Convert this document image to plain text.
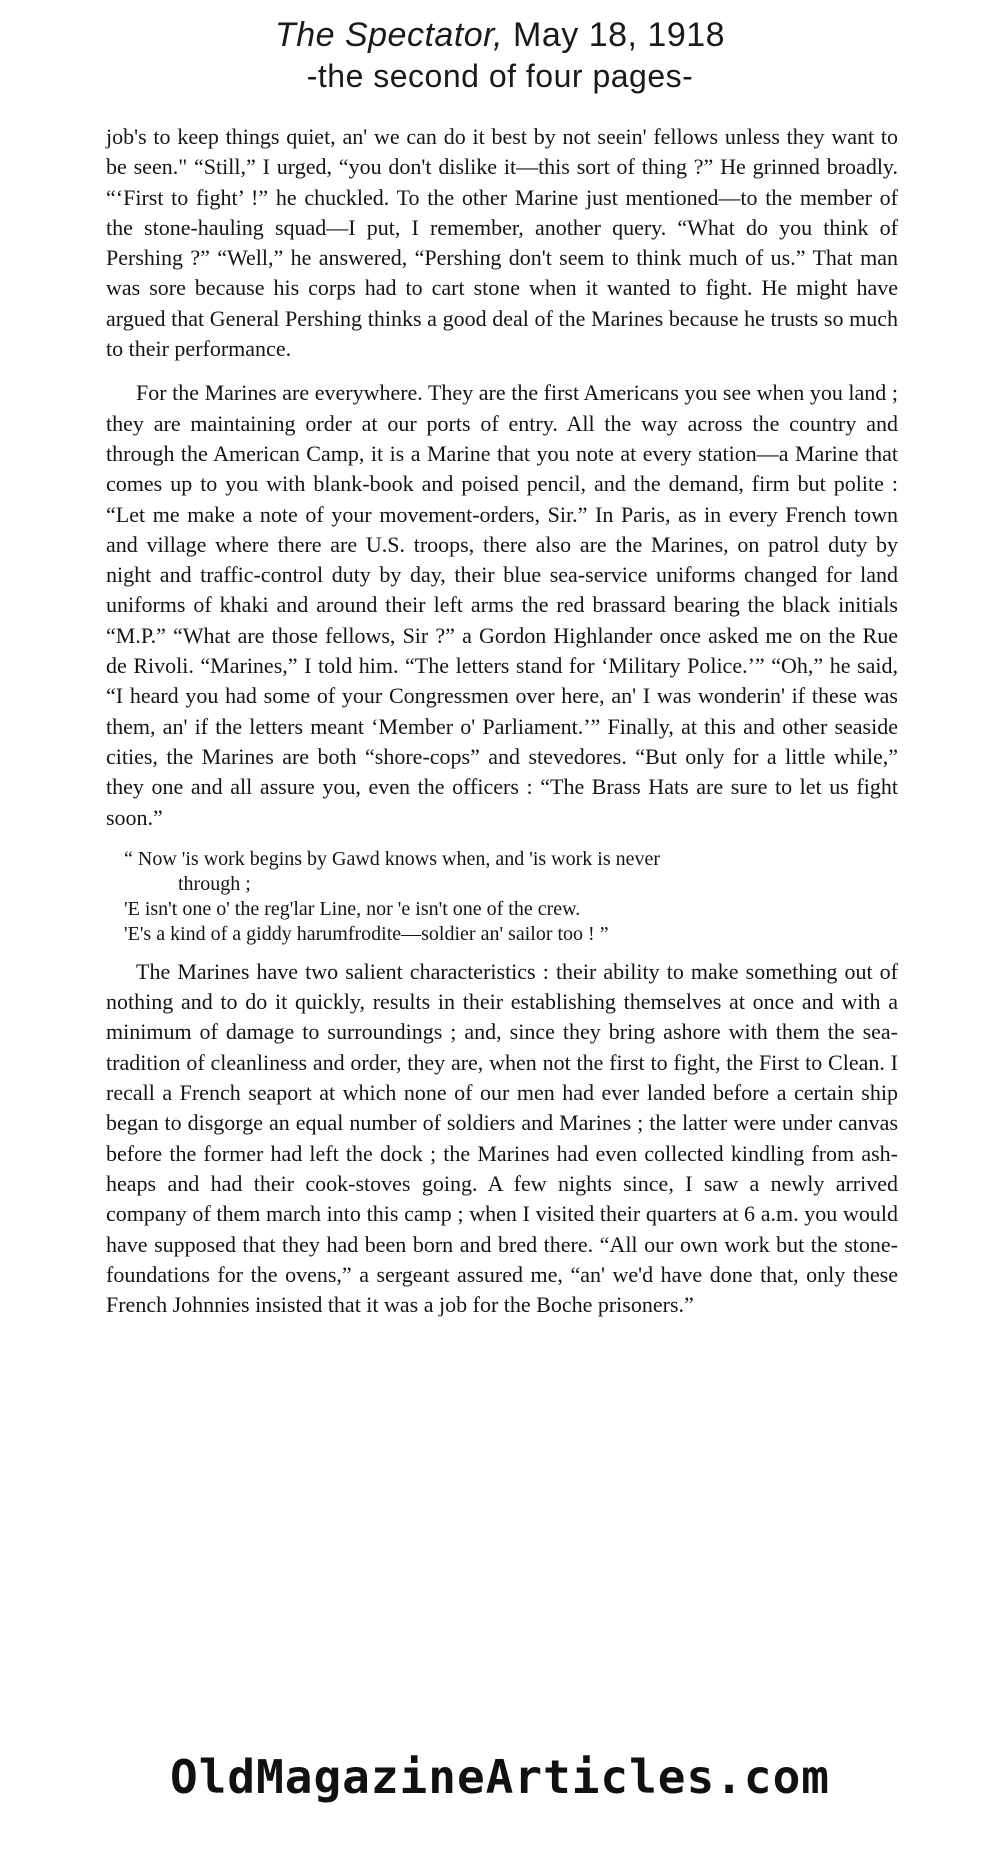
The Spectator, May 18, 1918
-the second of four pages-

job's to keep things quiet, an' we can do it best by not seein' fellows unless they want to be seen." “Still,” I urged, “you don't dislike it—this sort of thing ?” He grinned broadly. “‘First to fight’ !” he chuckled. To the other Marine just mentioned—to the member of the stone-hauling squad—I put, I remember, another query. “What do you think of Pershing ?” “Well,” he answered, “Pershing don't seem to think much of us.” That man was sore because his corps had to cart stone when it wanted to fight. He might have argued that General Pershing thinks a good deal of the Marines because he trusts so much to their performance.

For the Marines are everywhere. They are the first Americans you see when you land ; they are maintaining order at our ports of entry. All the way across the country and through the American Camp, it is a Marine that you note at every station—a Marine that comes up to you with blank-book and poised pencil, and the demand, firm but polite : “Let me make a note of your movement-orders, Sir.” In Paris, as in every French town and village where there are U.S. troops, there also are the Marines, on patrol duty by night and traffic-control duty by day, their blue sea-service uniforms changed for land uniforms of khaki and around their left arms the red brassard bearing the black initials “M.P.” “What are those fellows, Sir ?” a Gordon Highlander once asked me on the Rue de Rivoli. “Marines,” I told him. “The letters stand for ‘Military Police.’” “Oh,” he said, “I heard you had some of your Congressmen over here, an' I was wonderin' if these was them, an' if the letters meant ‘Member o' Parliament.’” Finally, at this and other seaside cities, the Marines are both “shore-cops” and stevedores. “But only for a little while,” they one and all assure you, even the officers : “The Brass Hats are sure to let us fight soon.”

“ Now 'is work begins by Gawd knows when, and 'is work is never
through ;
'E isn't one o' the reg'lar Line, nor 'e isn't one of the crew.
'E's a kind of a giddy harumfrodite—soldier an' sailor too ! ”

The Marines have two salient characteristics : their ability to make something out of nothing and to do it quickly, results in their establishing themselves at once and with a minimum of damage to surroundings ; and, since they bring ashore with them the sea-tradition of cleanliness and order, they are, when not the first to fight, the First to Clean. I recall a French seaport at which none of our men had ever landed before a certain ship began to disgorge an equal number of soldiers and Marines ; the latter were under canvas before the former had left the dock ; the Marines had even collected kindling from ash-heaps and had their cook-stoves going. A few nights since, I saw a newly arrived company of them march into this camp ; when I visited their quarters at 6 a.m. you would have supposed that they had been born and bred there. “All our own work but the stone-foundations for the ovens,” a sergeant assured me, “an' we'd have done that, only these French Johnnies insisted that it was a job for the Boche prisoners.”

OldMagazineArticles.com
